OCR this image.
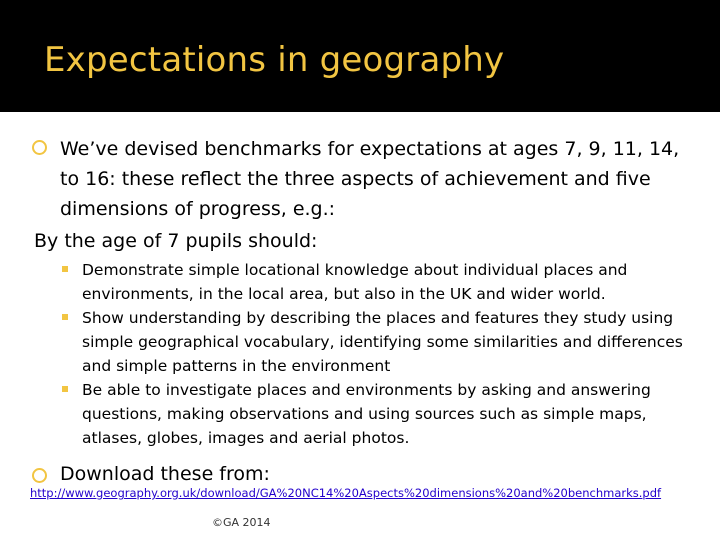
Expectations in geography
We’ve devised benchmarks for expectations at ages 7, 9, 11, 14, to 16: these reflect the three aspects of achievement and five dimensions of progress, e.g.:
By the age of 7 pupils should:
Demonstrate simple locational knowledge about individual places and environments, in the local area, but also in the UK and wider world.
Show understanding by describing the places and features they study using simple geographical vocabulary, identifying some similarities and differences and simple patterns in the environment
Be able to investigate places and environments by asking and answering questions, making observations and using sources such as simple maps, atlases, globes, images and aerial photos.
Download these from:
http://www.geography.org.uk/download/GA%20NC14%20Aspects%20dimensions%20and%20benchmarks.pdf
©GA 2014
